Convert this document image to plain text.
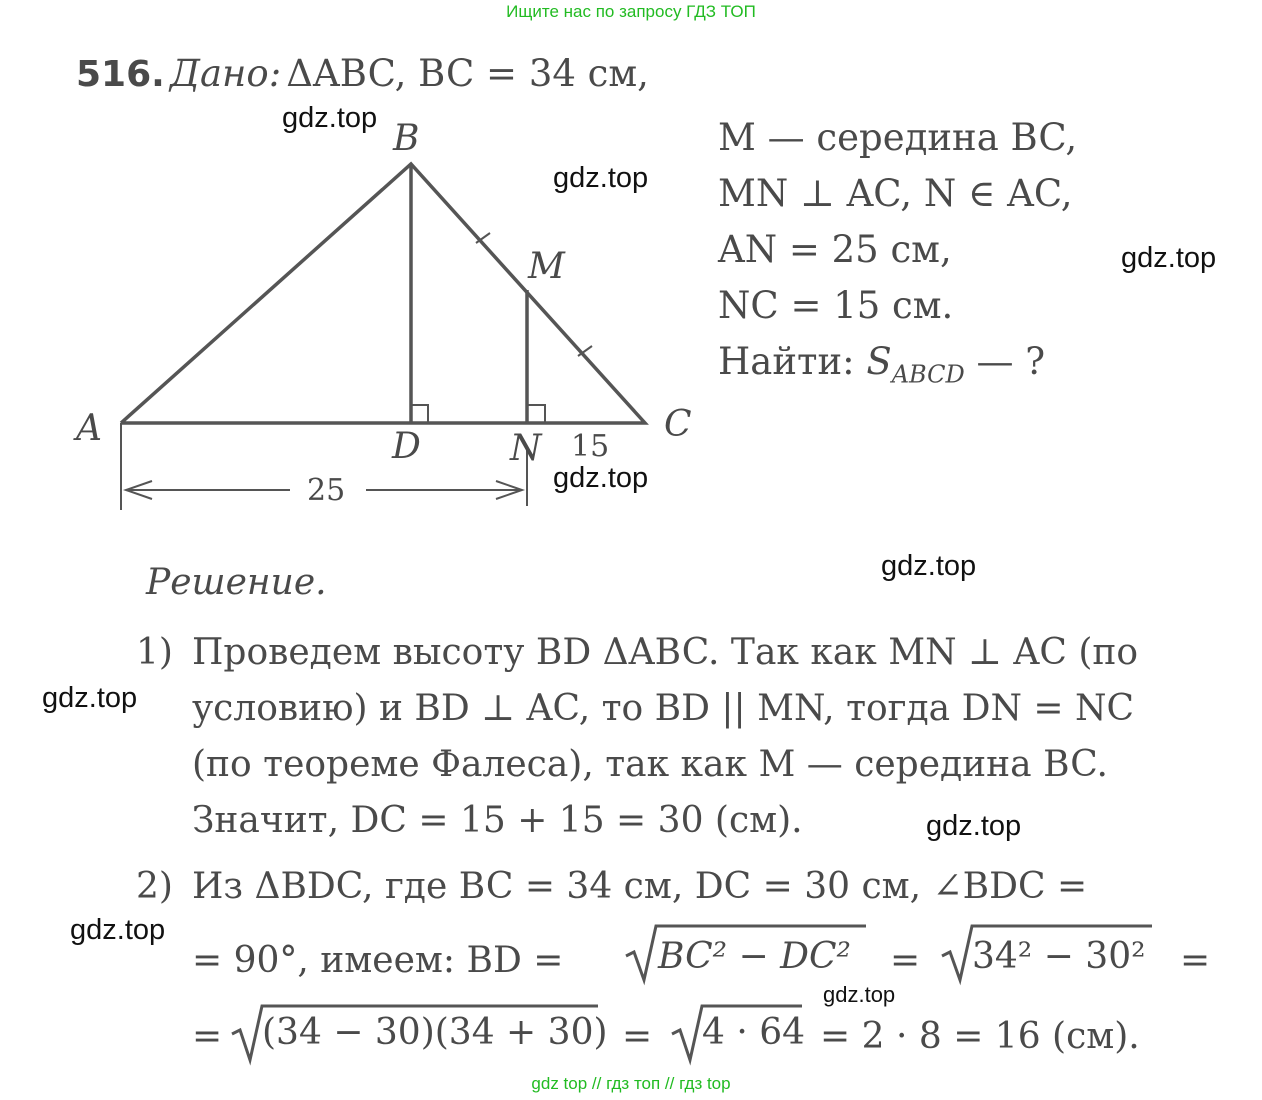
Ищите нас по запросу ГДЗ ТОП
516. Дано: ΔABC, BC = 34 см,
M — середина BC,
MN ⊥ AC, N ∈ AC,
AN = 25 см,
NC = 15 см.
Найти: $S_{ABCD}$ — ?
B
A	C
D N
M
15
25
Решение.
1) Проведем высоту BD ΔABC. Так как MN ⊥ AC (по
условию) и BD ⊥ AC, то BD || MN, тогда DN = NC
(по теореме Фалеса), так как M — середина BC.
Значит, DC = 15 + 15 = 30 (см).
2) Из ΔBDC, где BC = 34 см, DC = 30 см, ∠BDC =
= 90°, имеем: BD =	BC² − DC² = 34² − 30² =
= (34 − 30)(34 + 30) = 4 · 64 = 2 · 8 = 16 (см).
gdz.top
gdz.top
gdz.top
gdz.top
gdz.top
gdz.top
gdz.top
gdz.top
gdz.top
gdz top // гдз топ // гдз top
